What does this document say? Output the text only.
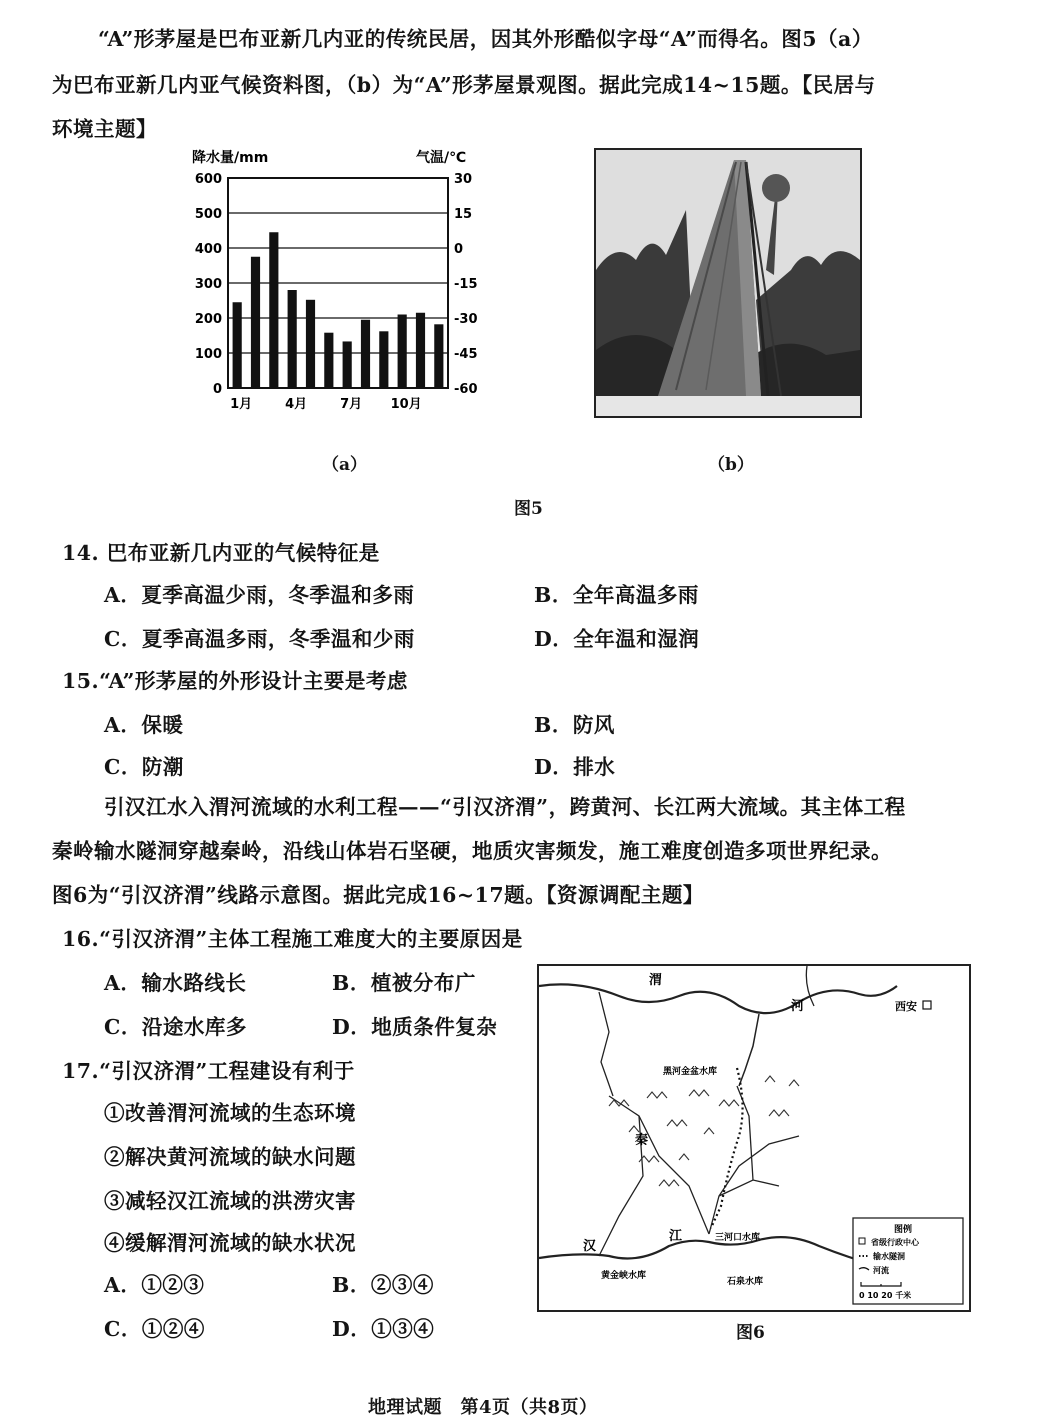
“A”形茅屋是巴布亚新几内亚的传统民居，因其外形酷似字母“A”而得名。图5（a）
为巴布亚新几内亚气候资料图，（b）为“A”形茅屋景观图。据此完成14~15题。【民居与
环境主题】
降水量/mm	气温/℃
600	30
500	15
400	0
300	-15
200	-30
100	-45
0	-60
1月	4月	7月 10月
（a）	（b）
图5
14. 巴布亚新几内亚的气候特征是
A．夏季高温少雨，冬季温和多雨	B．全年高温多雨
C．夏季高温多雨，冬季温和少雨	D．全年温和湿润
15.“A”形茅屋的外形设计主要是考虑
A．保暖	B．防风
C．防潮	D．排水
引汉江水入渭河流域的水利工程——“引汉济渭”，跨黄河、长江两大流域。其主体工程
秦岭输水隧洞穿越秦岭，沿线山体岩石坚硬，地质灾害频发，施工难度创造多项世界纪录。
图6为“引汉济渭”线路示意图。据此完成16~17题。【资源调配主题】
16.“引汉济渭”主体工程施工难度大的主要原因是
A．输水路线长	B．植被分布广
C．沿途水库多	D．地质条件复杂
17.“引汉济渭”工程建设有利于
①改善渭河流域的生态环境
②解决黄河流域的缺水问题
③减轻汉江流域的洪涝灾害
④缓解渭河流域的缺水状况
A．①②③	B．②③④
C．①②④	D．①③④
渭
河	西安
黑河金盆水库
秦
三河口水库
汉
江
黄金峡水库
石泉水库
图例
省级行政中心
输水隧洞
河流
0 10 20 千米
图6
地理试题　第4页（共8页）
